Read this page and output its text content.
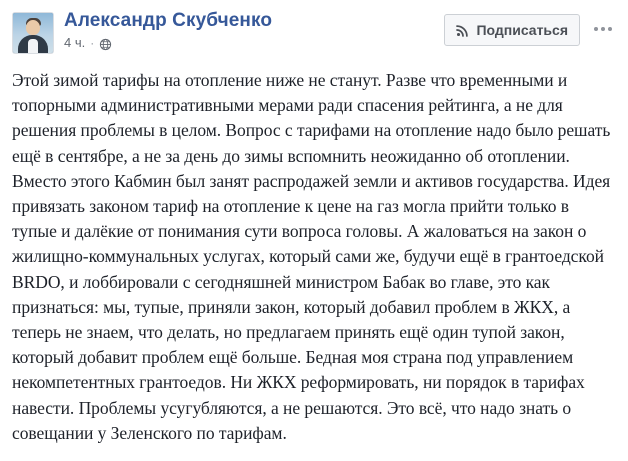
Александр Скубченко
4 ч. ·
Подписаться
Этой зимой тарифы на отопление ниже не станут. Разве что временными и топорными административными мерами ради спасения рейтинга, а не для решения проблемы в целом. Вопрос с тарифами на отопление надо было решать ещё в сентябре, а не за день до зимы вспомнить неожиданно об отоплении. Вместо этого Кабмин был занят распродажей земли и активов государства. Идея привязать законом тариф на отопление к цене на газ могла прийти только в тупые и далёкие от понимания сути вопроса головы. А жаловаться на закон о жилищно-коммунальных услугах, который сами же, будучи ещё в грантоедской BRDO, и лоббировали с сегодняшней министром Бабак во главе, это как признаться: мы, тупые, приняли закон, который добавил проблем в ЖКХ, а теперь не знаем, что делать, но предлагаем принять ещё один тупой закон, который добавит проблем ещё больше. Бедная моя страна под управлением некомпетентных грантоедов. Ни ЖКХ реформировать, ни порядок в тарифах навести. Проблемы усугубляются, а не решаются. Это всё, что надо знать о совещании у Зеленского по тарифам.
